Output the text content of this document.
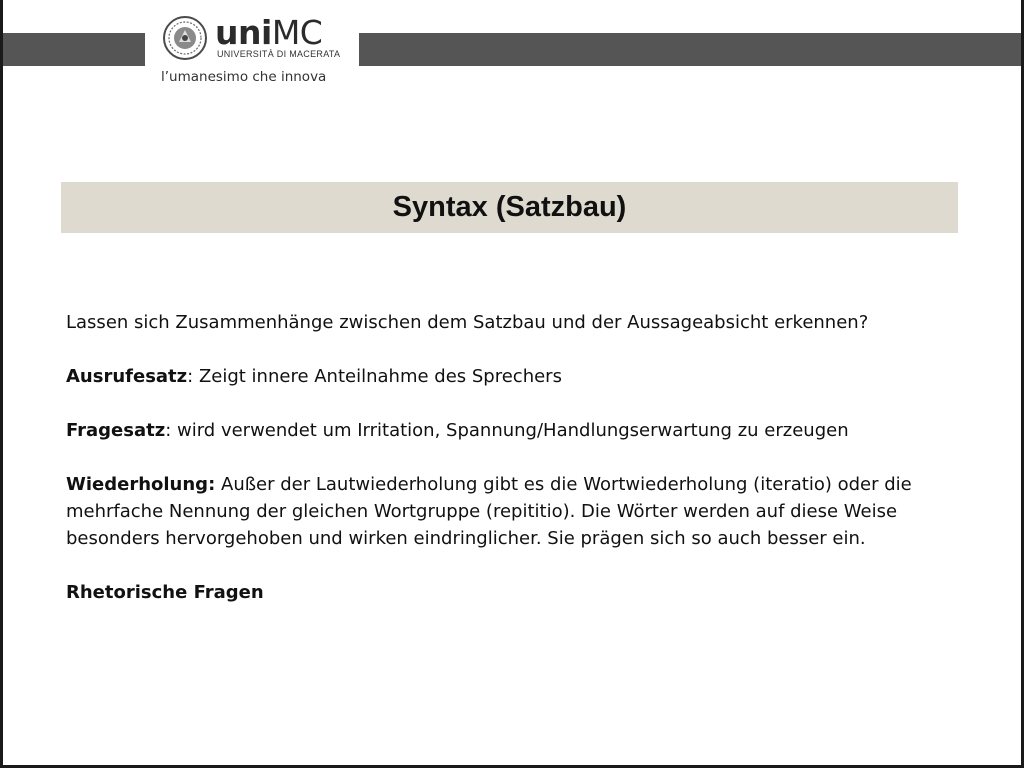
uniMC
UNIVERSITÀ DI MACERATA
l’umanesimo che innova
Syntax (Satzbau)

Lassen sich Zusammenhänge zwischen dem Satzbau und der Aussageabsicht erkennen?

Ausrufesatz: Zeigt innere Anteilnahme des Sprechers

Fragesatz: wird verwendet um Irritation, Spannung/Handlungserwartung zu erzeugen

Wiederholung: Außer der Lautwiederholung gibt es die Wortwiederholung (iteratio) oder die mehrfache Nennung der gleichen Wortgruppe (repititio). Die Wörter werden auf diese Weise besonders hervorgehoben und wirken eindringlicher. Sie prägen sich so auch besser ein.

Rhetorische Fragen
